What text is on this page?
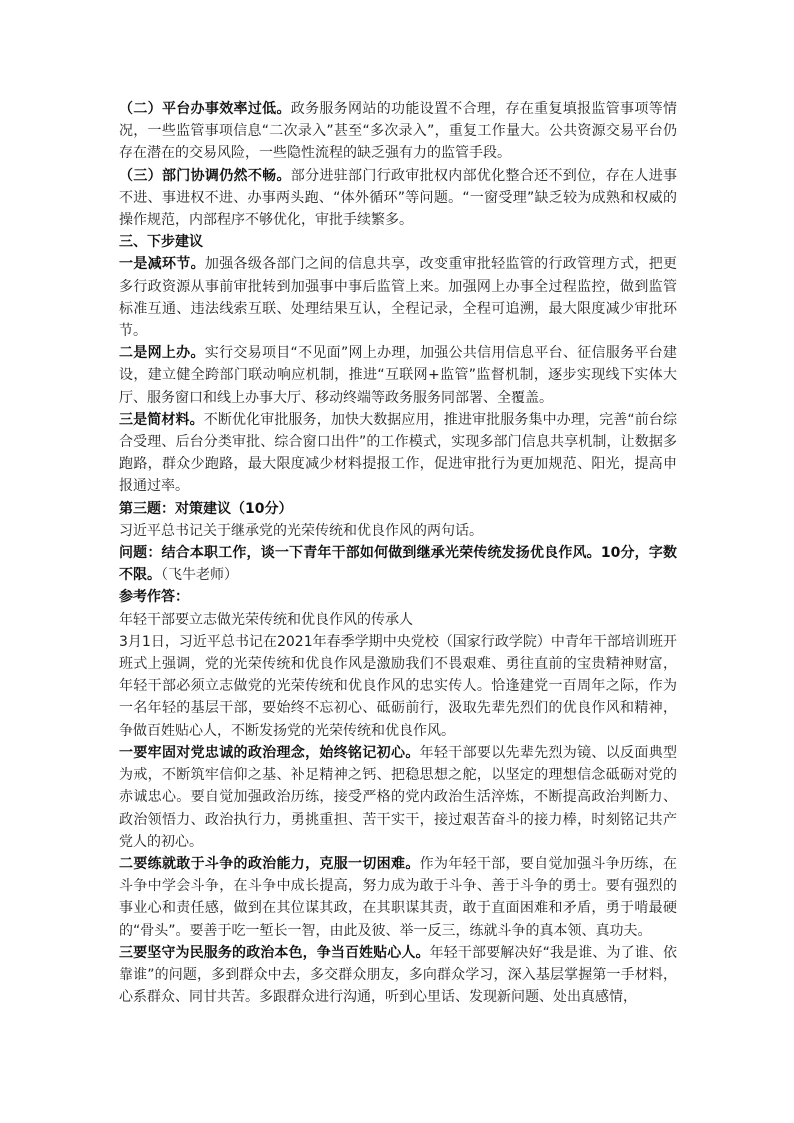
（二）平台办事效率过低。政务服务网站的功能设置不合理，存在重复填报监管事项等情况，一些监管事项信息“二次录入”甚至“多次录入”，重复工作量大。公共资源交易平台仍存在潜在的交易风险，一些隐性流程的缺乏强有力的监管手段。

（三）部门协调仍然不畅。部分进驻部门行政审批权内部优化整合还不到位，存在人进事不进、事进权不进、办事两头跑、“体外循环”等问题。“一窗受理”缺乏较为成熟和权威的操作规范，内部程序不够优化，审批手续繁多。

三、下步建议

一是减环节。加强各级各部门之间的信息共享，改变重审批轻监管的行政管理方式，把更多行政资源从事前审批转到加强事中事后监管上来。加强网上办事全过程监控，做到监管标准互通、违法线索互联、处理结果互认，全程记录，全程可追溯，最大限度减少审批环节。

二是网上办。实行交易项目“不见面”网上办理，加强公共信用信息平台、征信服务平台建设，建立健全跨部门联动响应机制，推进“互联网+监管”监督机制，逐步实现线下实体大厅、服务窗口和线上办事大厅、移动终端等政务服务同部署、全覆盖。

三是简材料。不断优化审批服务，加快大数据应用，推进审批服务集中办理，完善“前台综合受理、后台分类审批、综合窗口出件”的工作模式，实现多部门信息共享机制，让数据多跑路，群众少跑路，最大限度减少材料提报工作，促进审批行为更加规范、阳光，提高申报通过率。

第三题：对策建议（10分）

习近平总书记关于继承党的光荣传统和优良作风的两句话。

问题：结合本职工作，谈一下青年干部如何做到继承光荣传统发扬优良作风。10分，字数不限。（飞牛老师）

参考作答：

年轻干部要立志做光荣传统和优良作风的传承人

3月1日，习近平总书记在2021年春季学期中央党校（国家行政学院）中青年干部培训班开班式上强调，党的光荣传统和优良作风是激励我们不畏艰难、勇往直前的宝贵精神财富，年轻干部必须立志做党的光荣传统和优良作风的忠实传人。恰逢建党一百周年之际，作为一名年轻的基层干部，要始终不忘初心、砥砺前行，汲取先辈先烈们的优良作风和精神，争做百姓贴心人，不断发扬党的光荣传统和优良作风。

一要牢固对党忠诚的政治理念，始终铭记初心。年轻干部要以先辈先烈为镜、以反面典型为戒，不断筑牢信仰之基、补足精神之钙、把稳思想之舵，以坚定的理想信念砥砺对党的赤诚忠心。要自觉加强政治历练，接受严格的党内政治生活淬炼，不断提高政治判断力、政治领悟力、政治执行力，勇挑重担、苦干实干，接过艰苦奋斗的接力棒，时刻铭记共产党人的初心。

二要练就敢于斗争的政治能力，克服一切困难。作为年轻干部，要自觉加强斗争历练，在斗争中学会斗争，在斗争中成长提高，努力成为敢于斗争、善于斗争的勇士。要有强烈的事业心和责任感，做到在其位谋其政，在其职谋其责，敢于直面困难和矛盾，勇于啃最硬的“骨头”。要善于吃一堑长一智，由此及彼、举一反三，练就斗争的真本领、真功夫。

三要坚守为民服务的政治本色，争当百姓贴心人。年轻干部要解决好“我是谁、为了谁、依靠谁”的问题，多到群众中去，多交群众朋友，多向群众学习，深入基层掌握第一手材料，心系群众、同甘共苦。多跟群众进行沟通，听到心里话、发现新问题、处出真感情，
